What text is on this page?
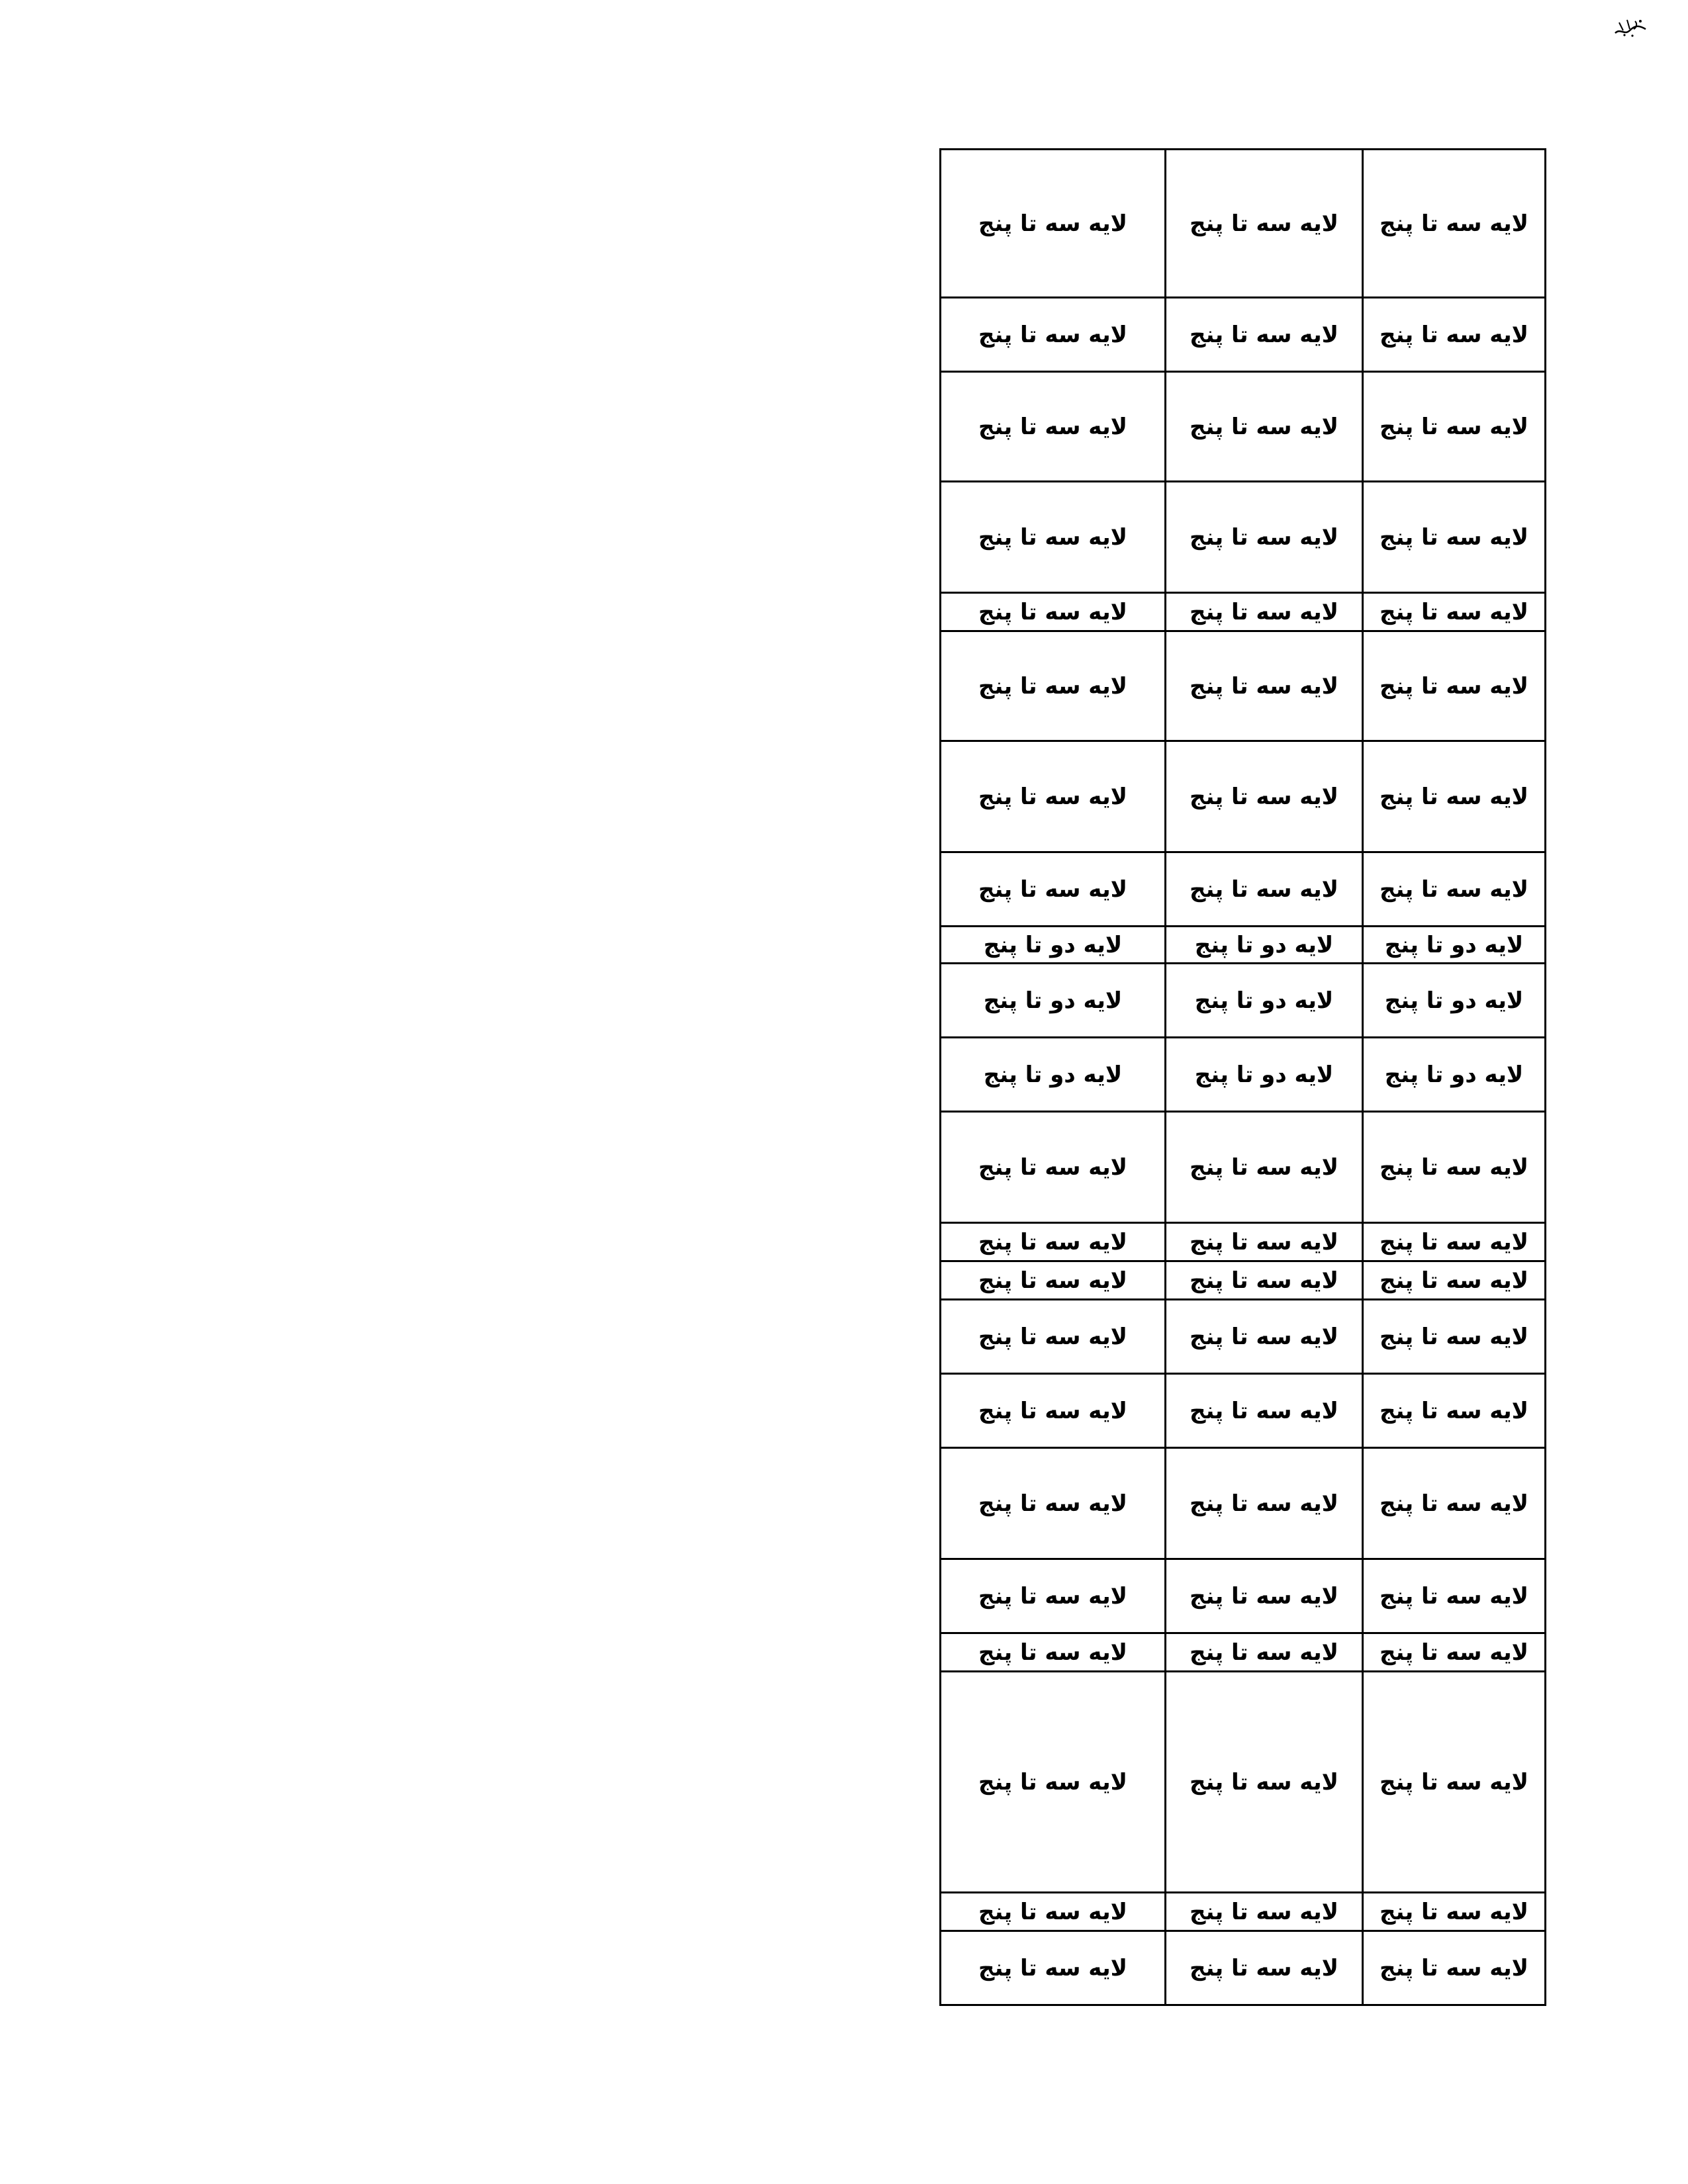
لایه سه تا پنج	لایه سه تا پنج	لایه سه تا پنج
لایه سه تا پنج	لایه سه تا پنج	لایه سه تا پنج
لایه سه تا پنج	لایه سه تا پنج	لایه سه تا پنج
لایه سه تا پنج	لایه سه تا پنج	لایه سه تا پنج
لایه سه تا پنج	لایه سه تا پنج	لایه سه تا پنج
لایه سه تا پنج	لایه سه تا پنج	لایه سه تا پنج
لایه سه تا پنج	لایه سه تا پنج	لایه سه تا پنج
لایه سه تا پنج	لایه سه تا پنج	لایه سه تا پنج
لایه دو تا پنج	لایه دو تا پنج	لایه دو تا پنج
لایه دو تا پنج	لایه دو تا پنج	لایه دو تا پنج
لایه دو تا پنج	لایه دو تا پنج	لایه دو تا پنج
لایه سه تا پنج	لایه سه تا پنج	لایه سه تا پنج
لایه سه تا پنج	لایه سه تا پنج	لایه سه تا پنج
لایه سه تا پنج	لایه سه تا پنج	لایه سه تا پنج
لایه سه تا پنج	لایه سه تا پنج	لایه سه تا پنج
لایه سه تا پنج	لایه سه تا پنج	لایه سه تا پنج
لایه سه تا پنج	لایه سه تا پنج	لایه سه تا پنج
لایه سه تا پنج	لایه سه تا پنج	لایه سه تا پنج
لایه سه تا پنج	لایه سه تا پنج	لایه سه تا پنج
لایه سه تا پنج	لایه سه تا پنج	لایه سه تا پنج
لایه سه تا پنج	لایه سه تا پنج	لایه سه تا پنج
لایه سه تا پنج	لایه سه تا پنج	لایه سه تا پنج
